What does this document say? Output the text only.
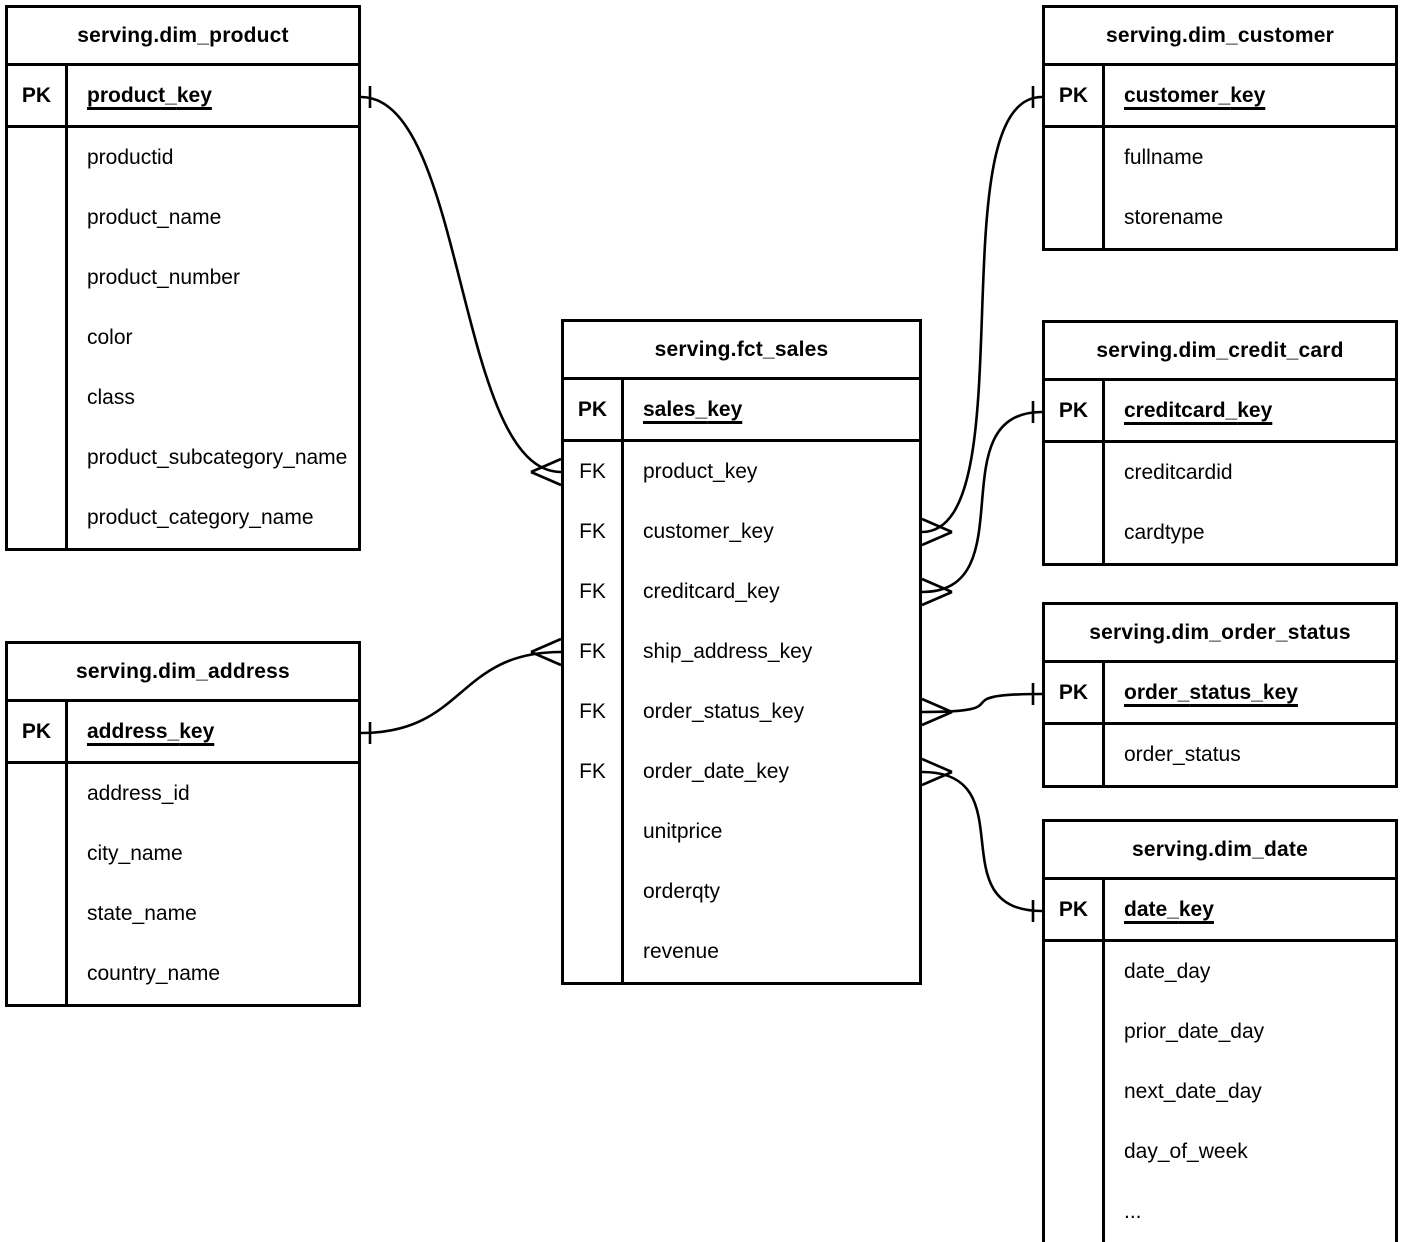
serving.dim_product
PK	product_key
productid
product_name
product_number
color
class
product_subcategory_name
product_category_name
serving.dim_address
PK	address_key
address_id
city_name
state_name
country_name
serving.fct_sales
PK	sales_key
FK	product_key
FK	customer_key
FK	creditcard_key
FK	ship_address_key
FK	order_status_key
FK	order_date_key
unitprice
orderqty
revenue
serving.dim_customer
PK	customer_key
fullname
storename
serving.dim_credit_card
PK	creditcard_key
creditcardid
cardtype
serving.dim_order_status
PK	order_status_key
order_status
serving.dim_date
PK	date_key
date_day
prior_date_day
next_date_day
day_of_week
...
